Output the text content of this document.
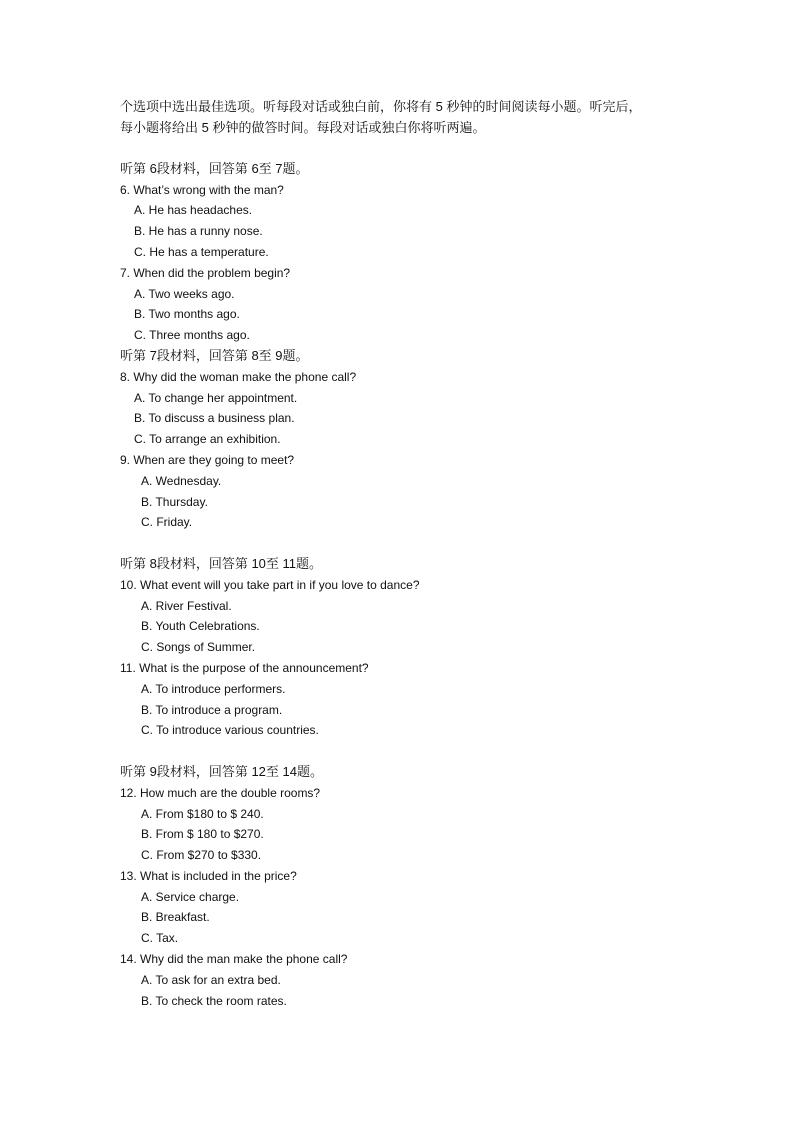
个选项中选出最佳选项。听每段对话或独白前，你将有 5 秒钟的时间阅读每小题。听完后，
每小题将给出 5 秒钟的做答时间。每段对话或独白你将听两遍。

听第 6段材料，回答第 6至 7题。
6. What’s wrong with the man?
A. He has headaches.
B. He has a runny nose.
C. He has a temperature.
7. When did the problem begin?
A. Two weeks ago.
B. Two months ago.
C. Three months ago.
听第 7段材料，回答第 8至 9题。
8. Why did the woman make the phone call?
A. To change her appointment.
B. To discuss a business plan.
C. To arrange an exhibition.
9. When are they going to meet?
A. Wednesday.
B. Thursday.
C. Friday.
听第 8段材料，回答第 10至 11题。
10. What event will you take part in if you love to dance?
A. River Festival.
B. Youth Celebrations.
C. Songs of Summer.
11. What is the purpose of the announcement?
A. To introduce performers.
B. To introduce a program.
C. To introduce various countries.
听第 9段材料，回答第 12至 14题。
12. How much are the double rooms?
A. From $180 to $ 240.
B. From $ 180 to $270.
C. From $270 to $330.
13. What is included in the price?
A. Service charge.
B. Breakfast.
C. Tax.
14. Why did the man make the phone call?
A. To ask for an extra bed.
B. To check the room rates.
